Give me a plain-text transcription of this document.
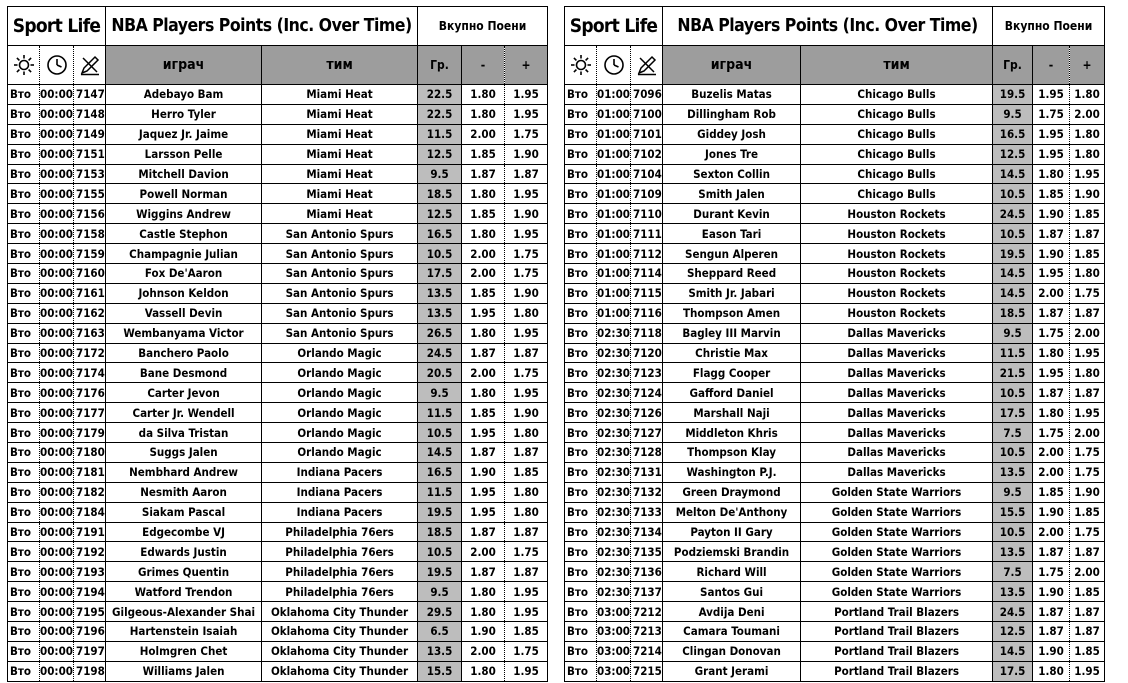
Sport Life			NBA Players Points (Inc. Over Time)		Вкупно Поени		

	играч	тим	Гр.	-	+
Вто	00:00	7147	Adebayo Bam	Miami Heat	22.5	1.80	1.95
Вто	00:00	7148	Herro Tyler	Miami Heat	22.5	1.80	1.95
Вто	00:00	7149	Jaquez Jr. Jaime	Miami Heat	11.5	2.00	1.75
Вто	00:00	7151	Larsson Pelle	Miami Heat	12.5	1.85	1.90
Вто	00:00	7153	Mitchell Davion	Miami Heat	9.5	1.87	1.87
Вто	00:00	7155	Powell Norman	Miami Heat	18.5	1.80	1.95
Вто	00:00	7156	Wiggins Andrew	Miami Heat	12.5	1.85	1.90
Вто	00:00	7158	Castle Stephon	San Antonio Spurs	16.5	1.80	1.95
Вто	00:00	7159	Champagnie Julian	San Antonio Spurs	10.5	2.00	1.75
Вто	00:00	7160	Fox De'Aaron	San Antonio Spurs	17.5	2.00	1.75
Вто	00:00	7161	Johnson Keldon	San Antonio Spurs	13.5	1.85	1.90
Вто	00:00	7162	Vassell Devin	San Antonio Spurs	13.5	1.95	1.80
Вто	00:00	7163	Wembanyama Victor	San Antonio Spurs	26.5	1.80	1.95
Вто	00:00	7172	Banchero Paolo	Orlando Magic	24.5	1.87	1.87
Вто	00:00	7174	Bane Desmond	Orlando Magic	20.5	2.00	1.75
Вто	00:00	7176	Carter Jevon	Orlando Magic	9.5	1.80	1.95
Вто	00:00	7177	Carter Jr. Wendell	Orlando Magic	11.5	1.85	1.90
Вто	00:00	7179	da Silva Tristan	Orlando Magic	10.5	1.95	1.80
Вто	00:00	7180	Suggs Jalen	Orlando Magic	14.5	1.87	1.87
Вто	00:00	7181	Nembhard Andrew	Indiana Pacers	16.5	1.90	1.85
Вто	00:00	7182	Nesmith Aaron	Indiana Pacers	11.5	1.95	1.80
Вто	00:00	7184	Siakam Pascal	Indiana Pacers	19.5	1.95	1.80
Вто	00:00	7191	Edgecombe VJ	Philadelphia 76ers	18.5	1.87	1.87
Вто	00:00	7192	Edwards Justin	Philadelphia 76ers	10.5	2.00	1.75
Вто	00:00	7193	Grimes Quentin	Philadelphia 76ers	19.5	1.87	1.87
Вто	00:00	7194	Watford Trendon	Philadelphia 76ers	9.5	1.80	1.95
Вто	00:00	7195	Gilgeous-Alexander Shai	Oklahoma City Thunder	29.5	1.80	1.95
Вто	00:00	7196	Hartenstein Isaiah	Oklahoma City Thunder	6.5	1.90	1.85
Вто	00:00	7197	Holmgren Chet	Oklahoma City Thunder	13.5	2.00	1.75
Вто	00:00	7198	Williams Jalen	Oklahoma City Thunder	15.5	1.80	1.95
Sport Life			NBA Players Points (Inc. Over Time)		Вкупно Поени		

	играч	тим	Гр.	-	+
Вто	01:00	7096	Buzelis Matas	Chicago Bulls	19.5	1.95	1.80
Вто	01:00	7100	Dillingham Rob	Chicago Bulls	9.5	1.75	2.00
Вто	01:00	7101	Giddey Josh	Chicago Bulls	16.5	1.95	1.80
Вто	01:00	7102	Jones Tre	Chicago Bulls	12.5	1.95	1.80
Вто	01:00	7104	Sexton Collin	Chicago Bulls	14.5	1.80	1.95
Вто	01:00	7109	Smith Jalen	Chicago Bulls	10.5	1.85	1.90
Вто	01:00	7110	Durant Kevin	Houston Rockets	24.5	1.90	1.85
Вто	01:00	7111	Eason Tari	Houston Rockets	10.5	1.87	1.87
Вто	01:00	7112	Sengun Alperen	Houston Rockets	19.5	1.90	1.85
Вто	01:00	7114	Sheppard Reed	Houston Rockets	14.5	1.95	1.80
Вто	01:00	7115	Smith Jr. Jabari	Houston Rockets	14.5	2.00	1.75
Вто	01:00	7116	Thompson Amen	Houston Rockets	18.5	1.87	1.87
Вто	02:30	7118	Bagley III Marvin	Dallas Mavericks	9.5	1.75	2.00
Вто	02:30	7120	Christie Max	Dallas Mavericks	11.5	1.80	1.95
Вто	02:30	7123	Flagg Cooper	Dallas Mavericks	21.5	1.95	1.80
Вто	02:30	7124	Gafford Daniel	Dallas Mavericks	10.5	1.87	1.87
Вто	02:30	7126	Marshall Naji	Dallas Mavericks	17.5	1.80	1.95
Вто	02:30	7127	Middleton Khris	Dallas Mavericks	7.5	1.75	2.00
Вто	02:30	7128	Thompson Klay	Dallas Mavericks	10.5	2.00	1.75
Вто	02:30	7131	Washington P.J.	Dallas Mavericks	13.5	2.00	1.75
Вто	02:30	7132	Green Draymond	Golden State Warriors	9.5	1.85	1.90
Вто	02:30	7133	Melton De'Anthony	Golden State Warriors	15.5	1.90	1.85
Вто	02:30	7134	Payton II Gary	Golden State Warriors	10.5	2.00	1.75
Вто	02:30	7135	Podziemski Brandin	Golden State Warriors	13.5	1.87	1.87
Вто	02:30	7136	Richard Will	Golden State Warriors	7.5	1.75	2.00
Вто	02:30	7137	Santos Gui	Golden State Warriors	13.5	1.90	1.85
Вто	03:00	7212	Avdija Deni	Portland Trail Blazers	24.5	1.87	1.87
Вто	03:00	7213	Camara Toumani	Portland Trail Blazers	12.5	1.87	1.87
Вто	03:00	7214	Clingan Donovan	Portland Trail Blazers	14.5	1.90	1.85
Вто	03:00	7215	Grant Jerami	Portland Trail Blazers	17.5	1.80	1.95
